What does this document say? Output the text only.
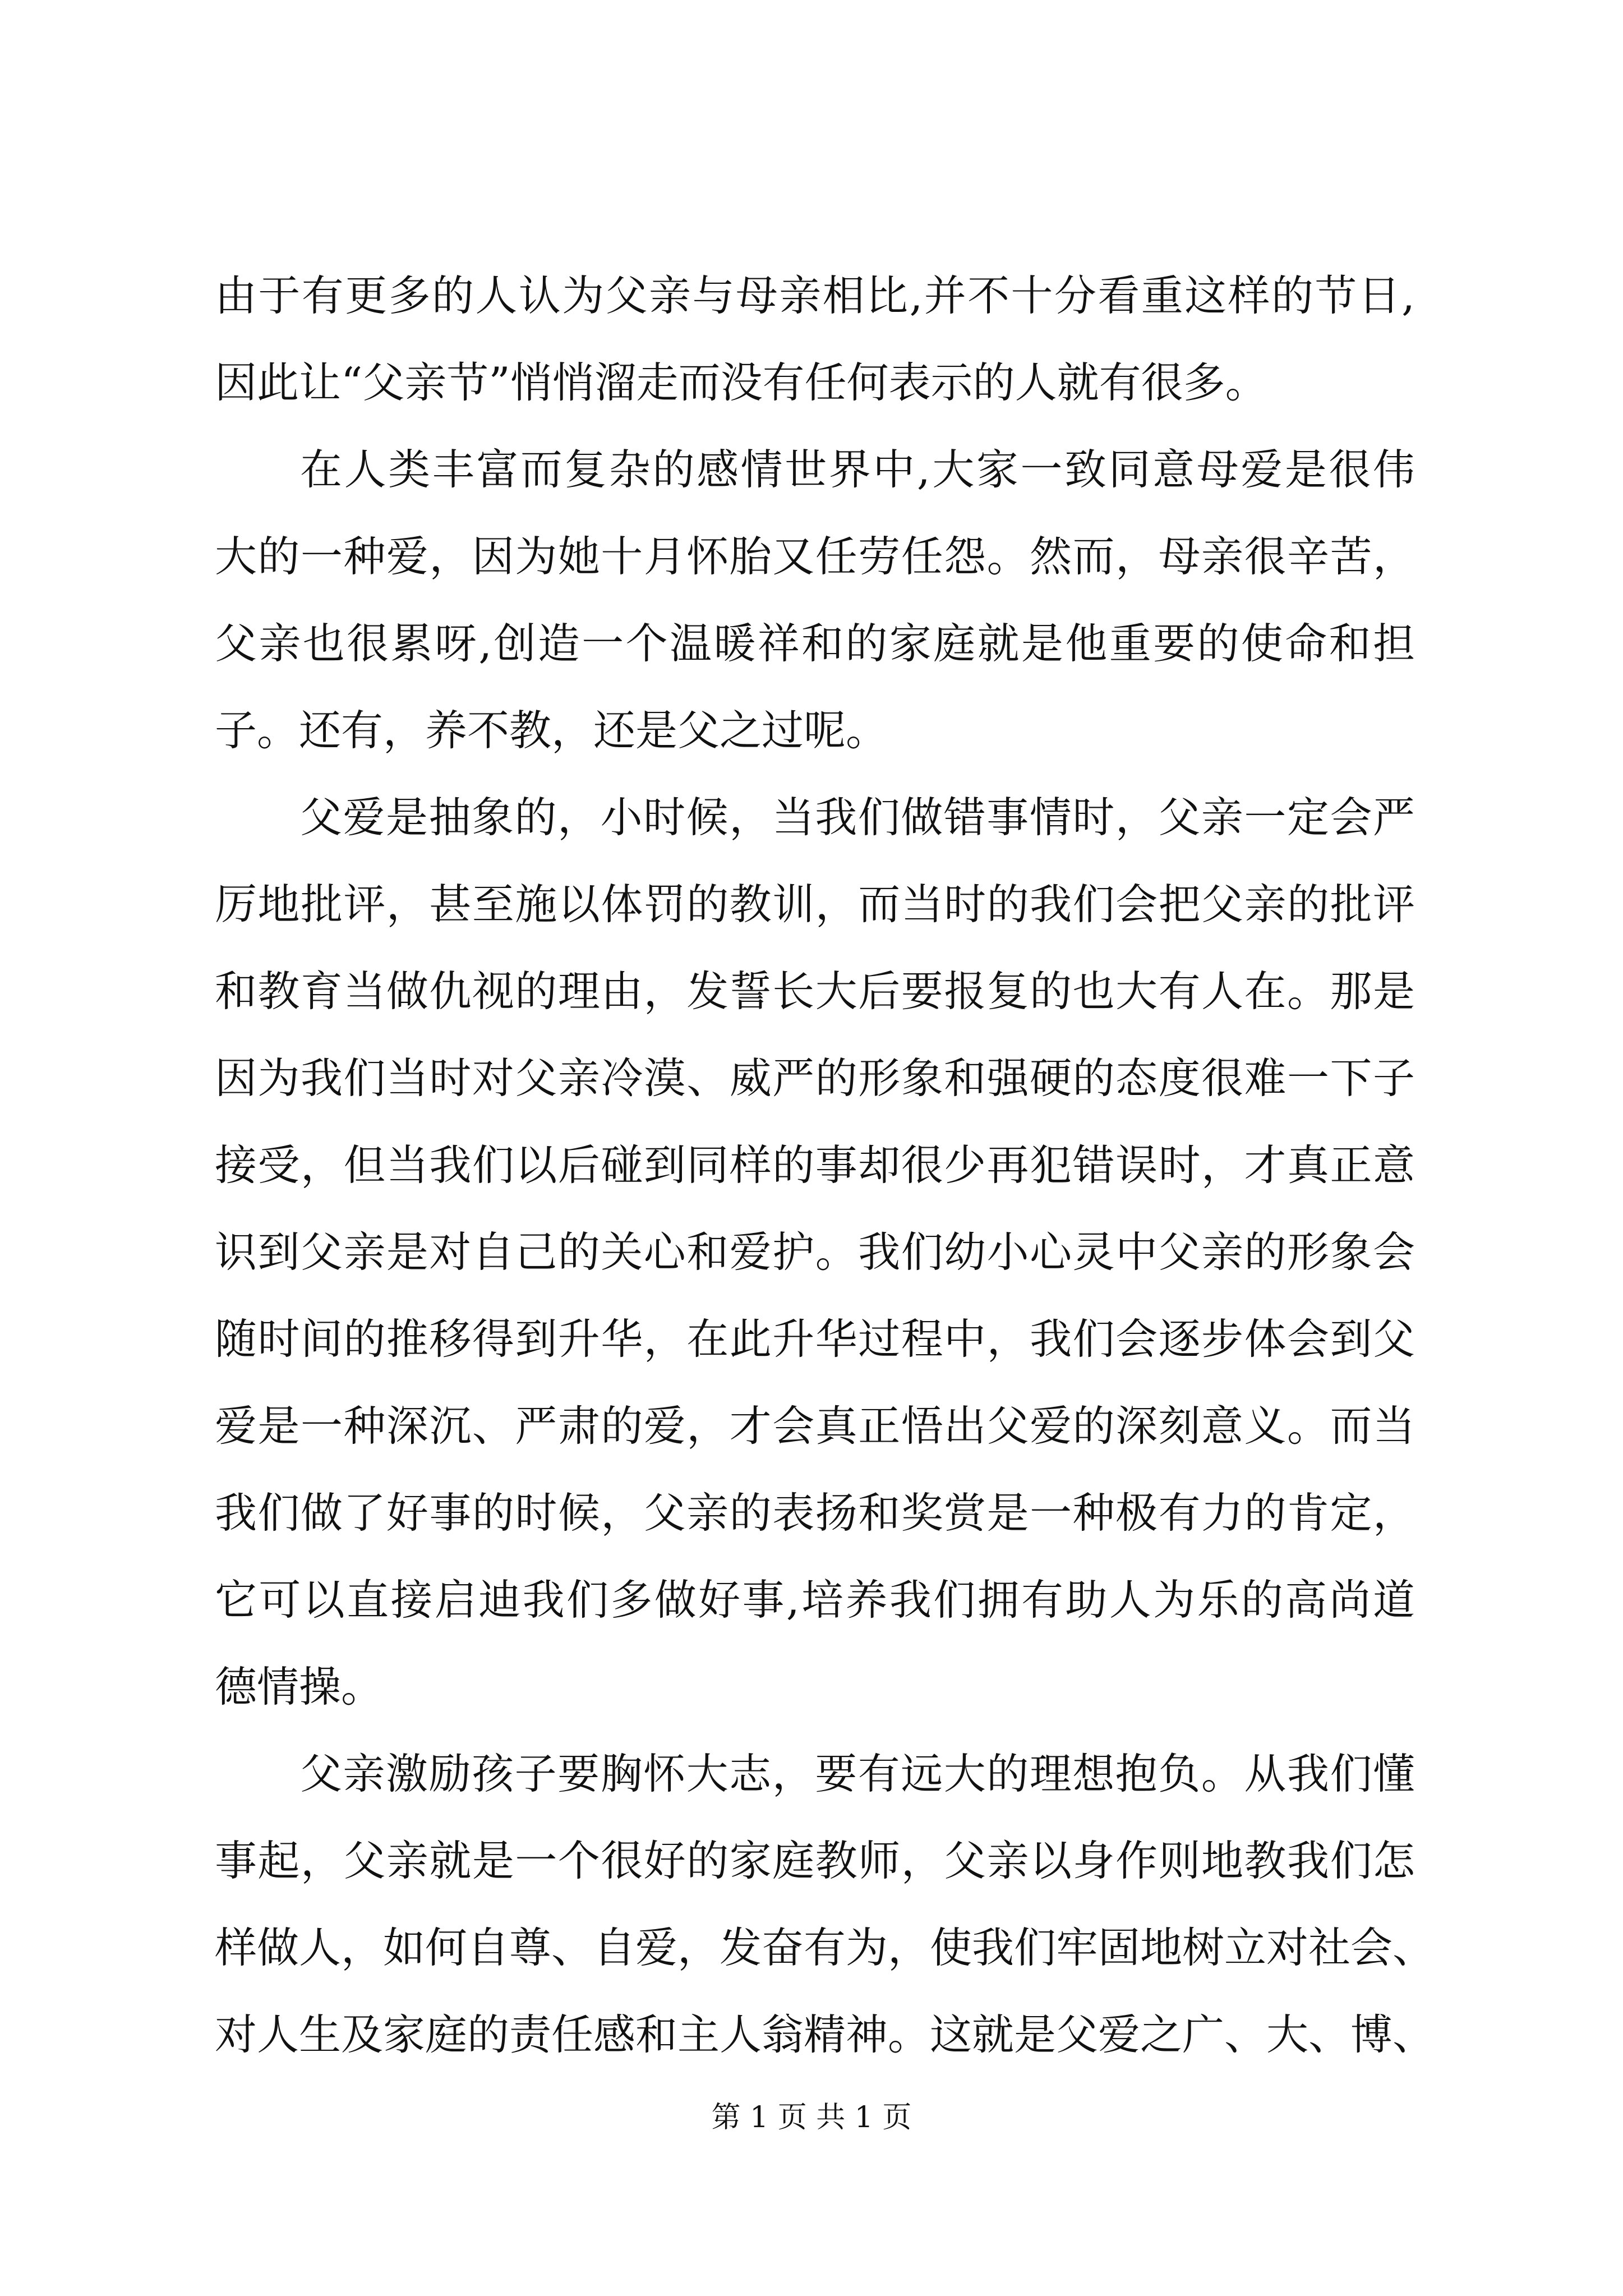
由于有更多的人认为父亲与母亲相比,并不十分看重这样的节日,
因此让“父亲节”悄悄溜走而没有任何表示的人就有很多。
在人类丰富而复杂的感情世界中,大家一致同意母爱是很伟
大的一种爱，因为她十月怀胎又任劳任怨。然而，母亲很辛苦，
父亲也很累呀,创造一个温暖祥和的家庭就是他重要的使命和担
子。还有，养不教，还是父之过呢。
父爱是抽象的，小时候，当我们做错事情时，父亲一定会严
厉地批评，甚至施以体罚的教训，而当时的我们会把父亲的批评
和教育当做仇视的理由，发誓长大后要报复的也大有人在。那是
因为我们当时对父亲冷漠、威严的形象和强硬的态度很难一下子
接受，但当我们以后碰到同样的事却很少再犯错误时，才真正意
识到父亲是对自己的关心和爱护。我们幼小心灵中父亲的形象会
随时间的推移得到升华，在此升华过程中，我们会逐步体会到父
爱是一种深沉、严肃的爱，才会真正悟出父爱的深刻意义。而当
我们做了好事的时候，父亲的表扬和奖赏是一种极有力的肯定，
它可以直接启迪我们多做好事,培养我们拥有助人为乐的高尚道
德情操。
父亲激励孩子要胸怀大志，要有远大的理想抱负。从我们懂
事起，父亲就是一个很好的家庭教师，父亲以身作则地教我们怎
样做人，如何自尊、自爱，发奋有为，使我们牢固地树立对社会、
对人生及家庭的责任感和主人翁精神。这就是父爱之广、大、博、
第 1 页 共 1 页
